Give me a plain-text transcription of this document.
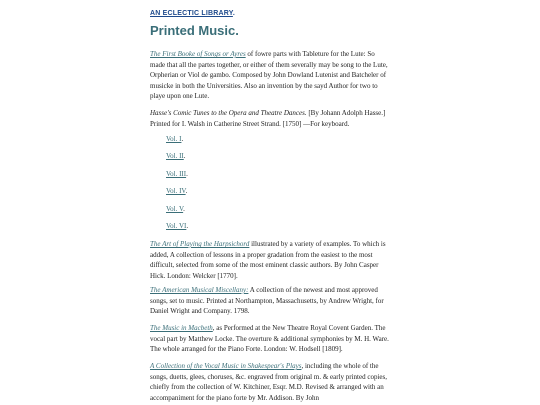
AN ECLECTIC LIBRARY.
Printed Music.

The First Booke of Songs or Ayres of fowre parts with Tableture for the Lute: So made that all the partes together, or either of them severally may be song to the Lute, Orpherian or Viol de gambo. Composed by John Dowland Lutenist and Batcheler of musicke in both the Universities. Also an invention by the sayd Author for two to playe upon one Lute.

Hasse's Comic Tunes to the Opera and Theatre Dances. [By Johann Adolph Hasse.] Printed for I. Walsh in Catherine Street Strand. [1750] —For keyboard.

Vol. I.
Vol. II.
Vol. III.
Vol. IV.
Vol. V.
Vol. VI.

The Art of Playing the Harpsichord illustrated by a variety of examples. To which is added, A collection of lessons in a proper gradation from the easiest to the most difficult, selected from some of the most eminent classic authors. By John Casper Hick. London: Welcker [1770].

The American Musical Miscellany: A collection of the newest and most approved songs, set to music. Printed at Northampton, Massachusetts, by Andrew Wright, for Daniel Wright and Company. 1798.

The Music in Macbeth, as Performed at the New Theatre Royal Covent Garden. The vocal part by Matthew Locke. The overture & additional symphonies by M. H. Ware. The whole arranged for the Piano Forte. London: W. Hodsell [1809].

A Collection of the Vocal Music in Shakespear's Plays, including the whole of the songs, duetts, glees, choruses, &c. engraved from original m. & early printed copies, chiefly from the collection of W. Kitchiner, Esqr. M.D. Revised & arranged with an accompaniment for the piano forte by Mr. Addison. By John
